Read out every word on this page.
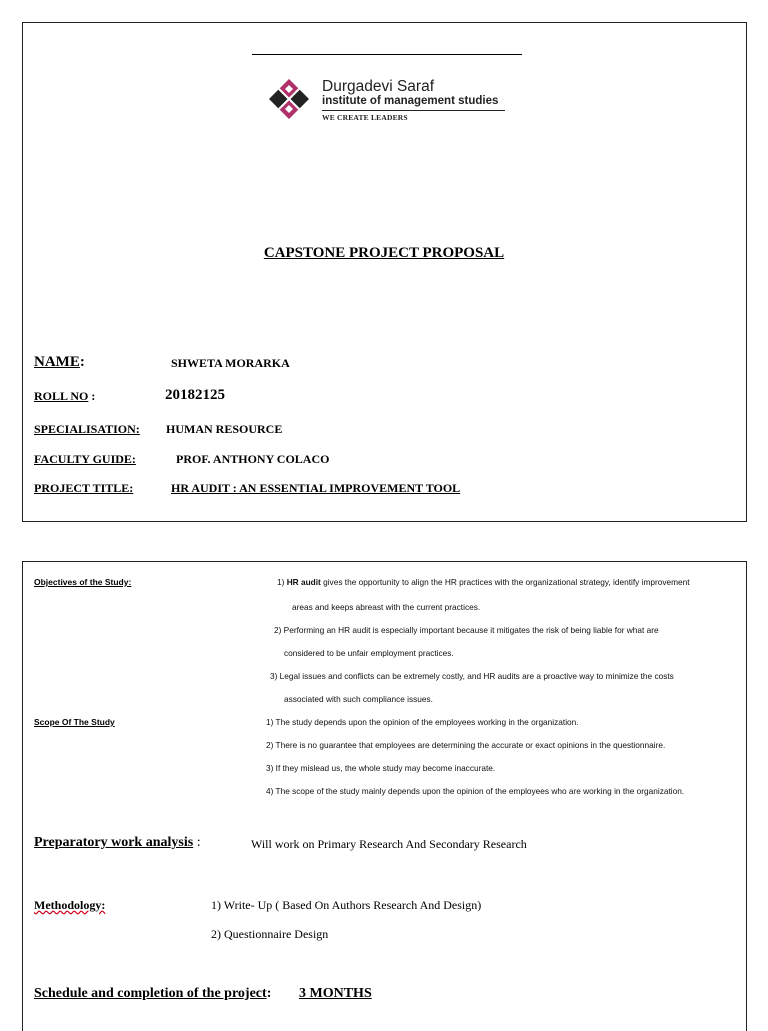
Durgadevi Saraf
institute of management studies
WE CREATE LEADERS
CAPSTONE PROJECT PROPOSAL
NAME:	SHWETA MORARKA
ROLL NO :	20182125
SPECIALISATION: HUMAN RESOURCE
FACULTY GUIDE:	PROF. ANTHONY COLACO
PROJECT TITLE:	HR AUDIT : AN ESSENTIAL IMPROVEMENT TOOL
Objectives of the Study:	1) HR audit gives the opportunity to align the HR practices with the organizational strategy, identify improvement
areas and keeps abreast with the current practices.
2) Performing an HR audit is especially important because it mitigates the risk of being liable for what are
considered to be unfair employment practices.
3) Legal issues and conflicts can be extremely costly, and HR audits are a proactive way to minimize the costs
associated with such compliance issues.
Scope Of The Study	1) The study depends upon the opinion of the employees working in the organization.
2) There is no guarantee that employees are determining the accurate or exact opinions in the questionnaire.
3) If they mislead us, the whole study may become inaccurate.
4) The scope of the study mainly depends upon the opinion of the employees who are working in the organization.
Preparatory work analysis :	Will work on Primary Research And Secondary Research
Methodology:	1) Write- Up ( Based On Authors Research And Design)
2) Questionnaire Design
Schedule and completion of the project: 3 MONTHS
